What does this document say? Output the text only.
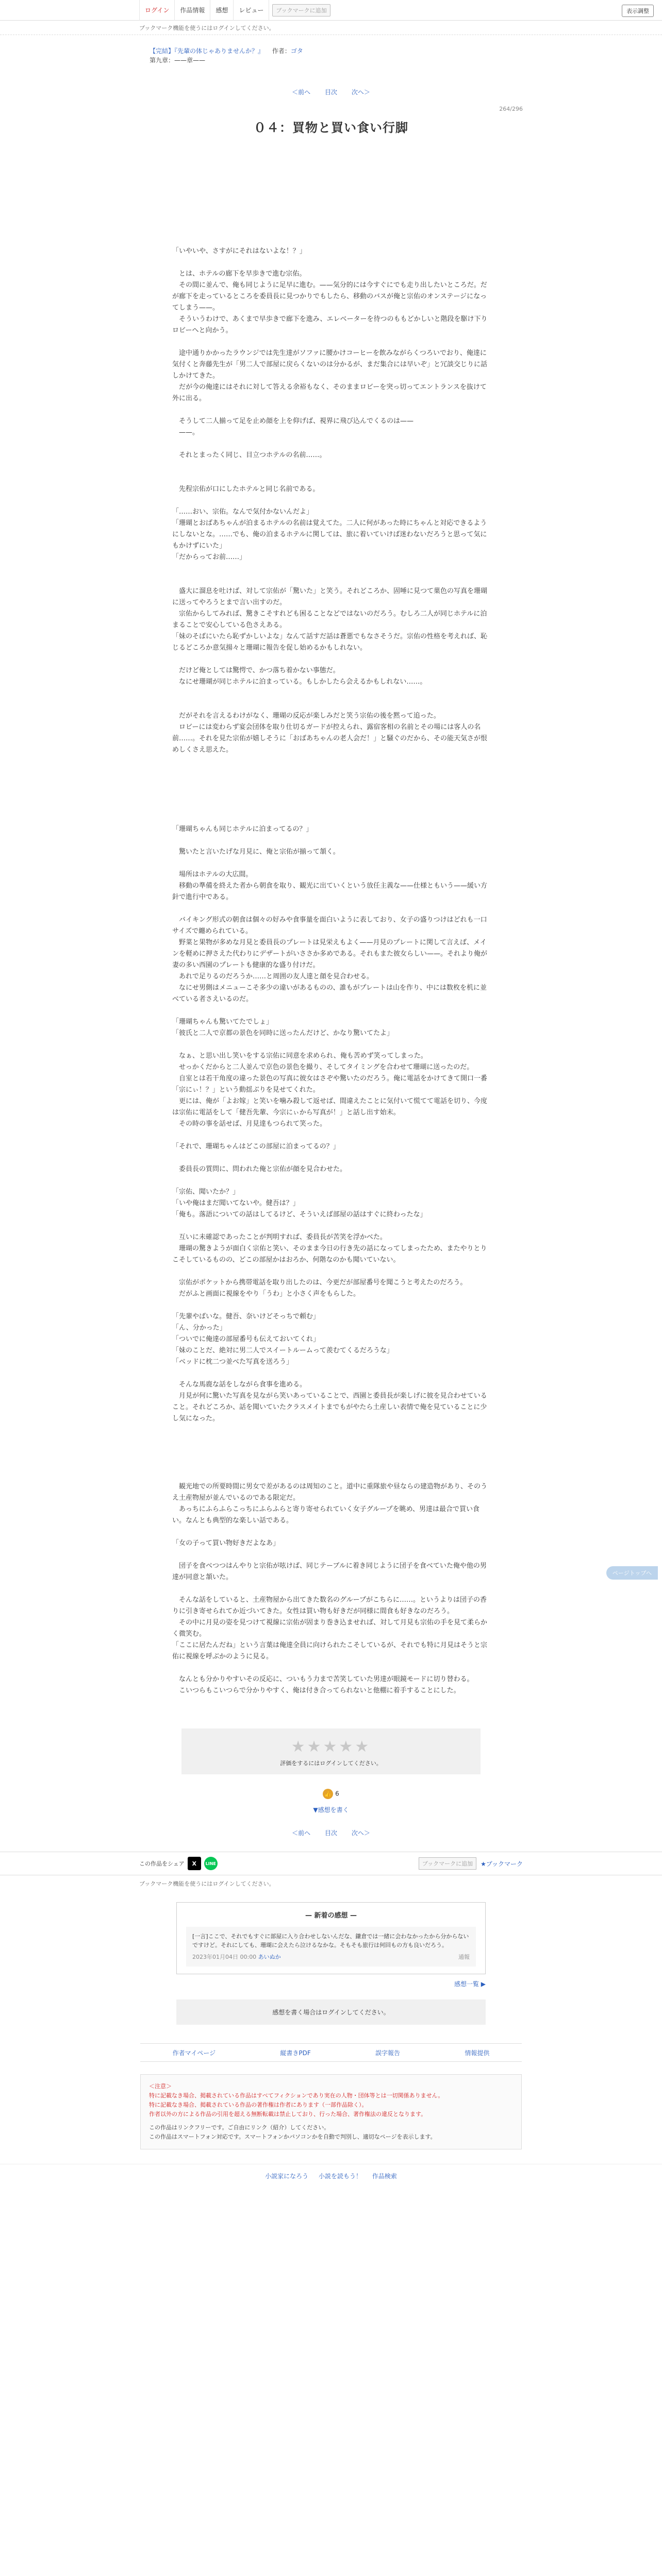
ログイン	作品情報	感想	レビュー	ブックマークに追加	表示調整
ブックマーク機能を使うにはログインしてください。
【完結】『先輩の体じゃありませんか？』 作者：ゴタ
第九章：——章——
＜前へ 目次 次へ＞
264/296
０４：買物と買い食い行脚

「いやいや、さすがにそれはないよな！？」

　とは、ホテルの廊下を早歩きで進む宗佑。

　その間に並んで、俺も同じように足早に進む。——気分的には今すぐにでも走り出したいところだ。だが廊下を走っているところを委員長に見つかりでもしたら、移動のバスが俺と宗佑のオンステージになってしまう——。

　そういうわけで、あくまで早歩きで廊下を進み、エレベーターを待つのももどかしいと階段を駆け下りロビーへと向かう。

　途中通りかかったラウンジでは先生達がソファに腰かけコーヒーを飲みながらくつろいでおり、俺達に気付くと奔藤先生が「男二人で部屋に戻らくないのは分かるが、まだ集合には早いぞ」と冗談交じりに話しかけてきた。

　だが今の俺達にはそれに対して答える余裕もなく、そのままロビーを突っ切ってエントランスを抜けて外に出る。

　そうして二人揃って足を止め顔を上を仰げば、視界に飛び込んでくるのは——

　——。

　それとまったく同じ、目立つホテルの名前……。

　先程宗佑が口にしたホテルと同じ名前である。

「……おい、宗佑。なんで気付かないんだよ」

「珊瑚とおばあちゃんが泊まるホテルの名前は覚えてた。二人に何があった時にちゃんと対応できるようにしないとな。……でも、俺の泊まるホテルに関しては、旅に着いていけば迷わないだろうと思って気にもかけずにいた」

「だからってお前……」

　盛大に溜息を吐けば、対して宗佑が「驚いた」と笑う。それどころか、固唾に見つて菓色の写真を珊瑚に送ってやろうとまで言い出すのだ。

　宗佑からしてみれば、驚きこそすれども困ることなどではないのだろう。むしろ二人が同じホテルに泊まることで安心している色さえある。

「妹のそばにいたら恥ずかしいよな」なんて話すだ話は蒼悪でもなさそうだ。宗佑の性格を考えれば、恥じるどころか意気揚々と珊瑚に報告を促し始めるかもしれない。

　だけど俺としては驚愕で、かつ落ち着かない事態だ。

　なにせ珊瑚が同じホテルに泊まっている。もしかしたら会えるかもしれない……。

　だがそれを言えるわけがなく、珊瑚の反応が楽しみだと笑う宗佑の後を黙って追った。

　ロビーには変わらず宴会団体を取り仕切るガードが控えられ、露宿客相の名前とその場には客人の名前……。それを見た宗佑が嬉しそうに「おばあちゃんの老人会だ！」と騒ぐのだから、その能天気さが恨めしくさえ思えた。

「珊瑚ちゃんも同じホテルに泊まってるの？」

　驚いたと言いたげな月見に、俺と宗佑が揃って頷く。

　場所はホテルの大広間。

　移動の準備を終えた者から朝食を取り、観光に出ていくという放任主義な——仕様ともいう——緩い方針で進行中である。

　バイキング形式の朝食は個々の好みや食事量を面白いように表しており、女子の盛りつけはどれも一口サイズで纏められている。

　野菜と果物が多めな月見と委員長のプレートは見栄えもよく——月見のプレートに関して言えば、メインを軽めに押さえた代わりにデザートがいささか多めである。それもまた彼女らしい——。それより俺が妻の多い西園のプレートも健康的な盛り付けだ。

　あれで足りるのだろうか……と周囲の友人達と顔を見合わせる。

　なにせ男側はメニューこそ多少の違いがあるものの、誰もがプレートは山を作り、中には数枚を机に並べている者さえいるのだ。

「珊瑚ちゃんも驚いてたでしょ」

「彼氏と二人で京都の景色を同時に送ったんだけど、かなり驚いてたよ」

　なぁ、と思い出し笑いをする宗佑に同意を求められ、俺も苦めず笑ってしまった。

　せっかくだからと二人並んで京色の景色を撮り、そしてタイミングを合わせて珊瑚に送ったのだ。

　自室とは若干角度の違った景色の写真に彼女はさぞや驚いたのだろう。俺に電話をかけてきて開口一番「宗にぃ！？」という動揺ぶりを見せてくれた。

　更には、俺が「よお嫁」と笑いを噛み殺して返せば、間違えたことに気付いて慌てて電話を切り、今度は宗佑に電話をして「健吾先輩、今宗にぃから写真が！」と話し出す始末。

　その時の事を話せば、月見達もつられて笑った。

「それで、珊瑚ちゃんはどこの部屋に泊まってるの？」

　委員長の質問に、問われた俺と宗佑が顔を見合わせた。

「宗佑、聞いたか？」

「いや俺はまだ聞いてないや。健吾は？」

「俺も。落語についての話はしてるけど、そういえば部屋の話はすぐに終わったな」

　互いに未確認であったことが判明すれば、委員長が苦笑を浮かべた。

　珊瑚の驚きようが面白く宗佑と笑い、そのまま今日の行き先の話になってしまったため、またやりとりこそしているものの、どこの部屋かはおろか、何階なのかも聞いていない。

　宗佑がポケットから携帯電話を取り出したのは、今更だが部屋番号を聞こうと考えたのだろう。

　だがふと画面に視線をやり「うわ」と小さく声をもらした。

「先輩やばいな。健吾、奈いけどそっちで頼む」

「ん、分かった」

「ついでに俺達の部屋番号も伝えておいてくれ」

「妹のことだ、絶対に男二人でスイートルームって羨むてくるだろうな」

「ベッドに枕二つ並べた写真を送ろう」

　そんな馬鹿な話をしながら食事を進める。

　月見が何に驚いた写真を見ながら笑いあっていることで、西園と委員長が楽しげに彼を見合わせていること。それどころか、話を聞いていたクラスメイトまでもがやたら土産しい表情で俺を見ていることに少し気になった。

　観光地での所要時間に男女で差があるのは周知のこと。道中に重隊旅や昼ならの建造物があり、そのうえ土産物屋が並んでいるのである限定だ。

　あっちにふらふらこっちにふらふらと寄り寄せられていく女子グループを眺め、男達は最合で買い食い。なんとも典型的な楽しい話である。

「女の子って買い物好きだよなあ」

　団子を食べつつはんやりと宗佑が呟けば、同じテーブルに着き同じように団子を食べていた俺や他の男達が同意と頷いた。

　そんな話をしていると、土産物屋から出てきた数名のグループがこちらに……。というよりは団子の香りに引き寄せられてか近づいてきた。女性は買い物も好きだが同様に間食も好きなのだろう。

　その中に月見の姿を見つけて視線に宗佑が固まり巻き込ませれば、対して月見も宗佑の手を見て柔らかく微笑む。

「ここに居たんだね」という言葉は俺達全員に向けられたこそしているが、それでも特に月見はそうと宗佑に視線を呼ぶかのように見る。

　なんとも分かりやすいその反応に、ついもう力まで苦笑していた男達が眼鏡モードに切り替わる。

　こいつらもこいつらで分かりやすく、俺は付き合ってられないと他棚に着手することにした。

★★★★★
評価をするにはログインしてください。
👍 6
▼感想を書く
＜前へ 目次 次へ＞
この作品をシェア	X	LINE	ブックマークに追加	★ブックマーク
ブックマーク機能を使うにはログインしてください。
— 新着の感想 —
[一言]ここで、それでもすぐに部屋に入り合わせしないんだな、鎌倉では一緒に会わなかったから分からないですけど。それにしても、珊瑚に会えたら泣けるなかな。そもそも旅行は何回もの方も良いだろう。
2023年01月04日 00:00 あいぬか	通報
感想一覧 ▶
感想を書く場合はログインしてください。
作者マイページ	縦書きPDF	誤字報告	情報提供
＜注意＞
特に記載なき場合、掲載されている作品はすべてフィクションであり実在の人物・団体等とは一切関係ありません。
特に記載なき場合、掲載されている作品の著作権は作者にあります（一部作品除く）。
作者以外の方による作品の引用を超える無断転載は禁止しており、行った場合、著作権法の違反となります。
この作品はリンクフリーです。ご自由にリンク（紹介）してください。
この作品はスマートフォン対応です。スマートフォンかパソコンかを自動で判別し、適切なページを表示します。
小説家になろう 小説を読もう！ 作品検索
ページトップへ
